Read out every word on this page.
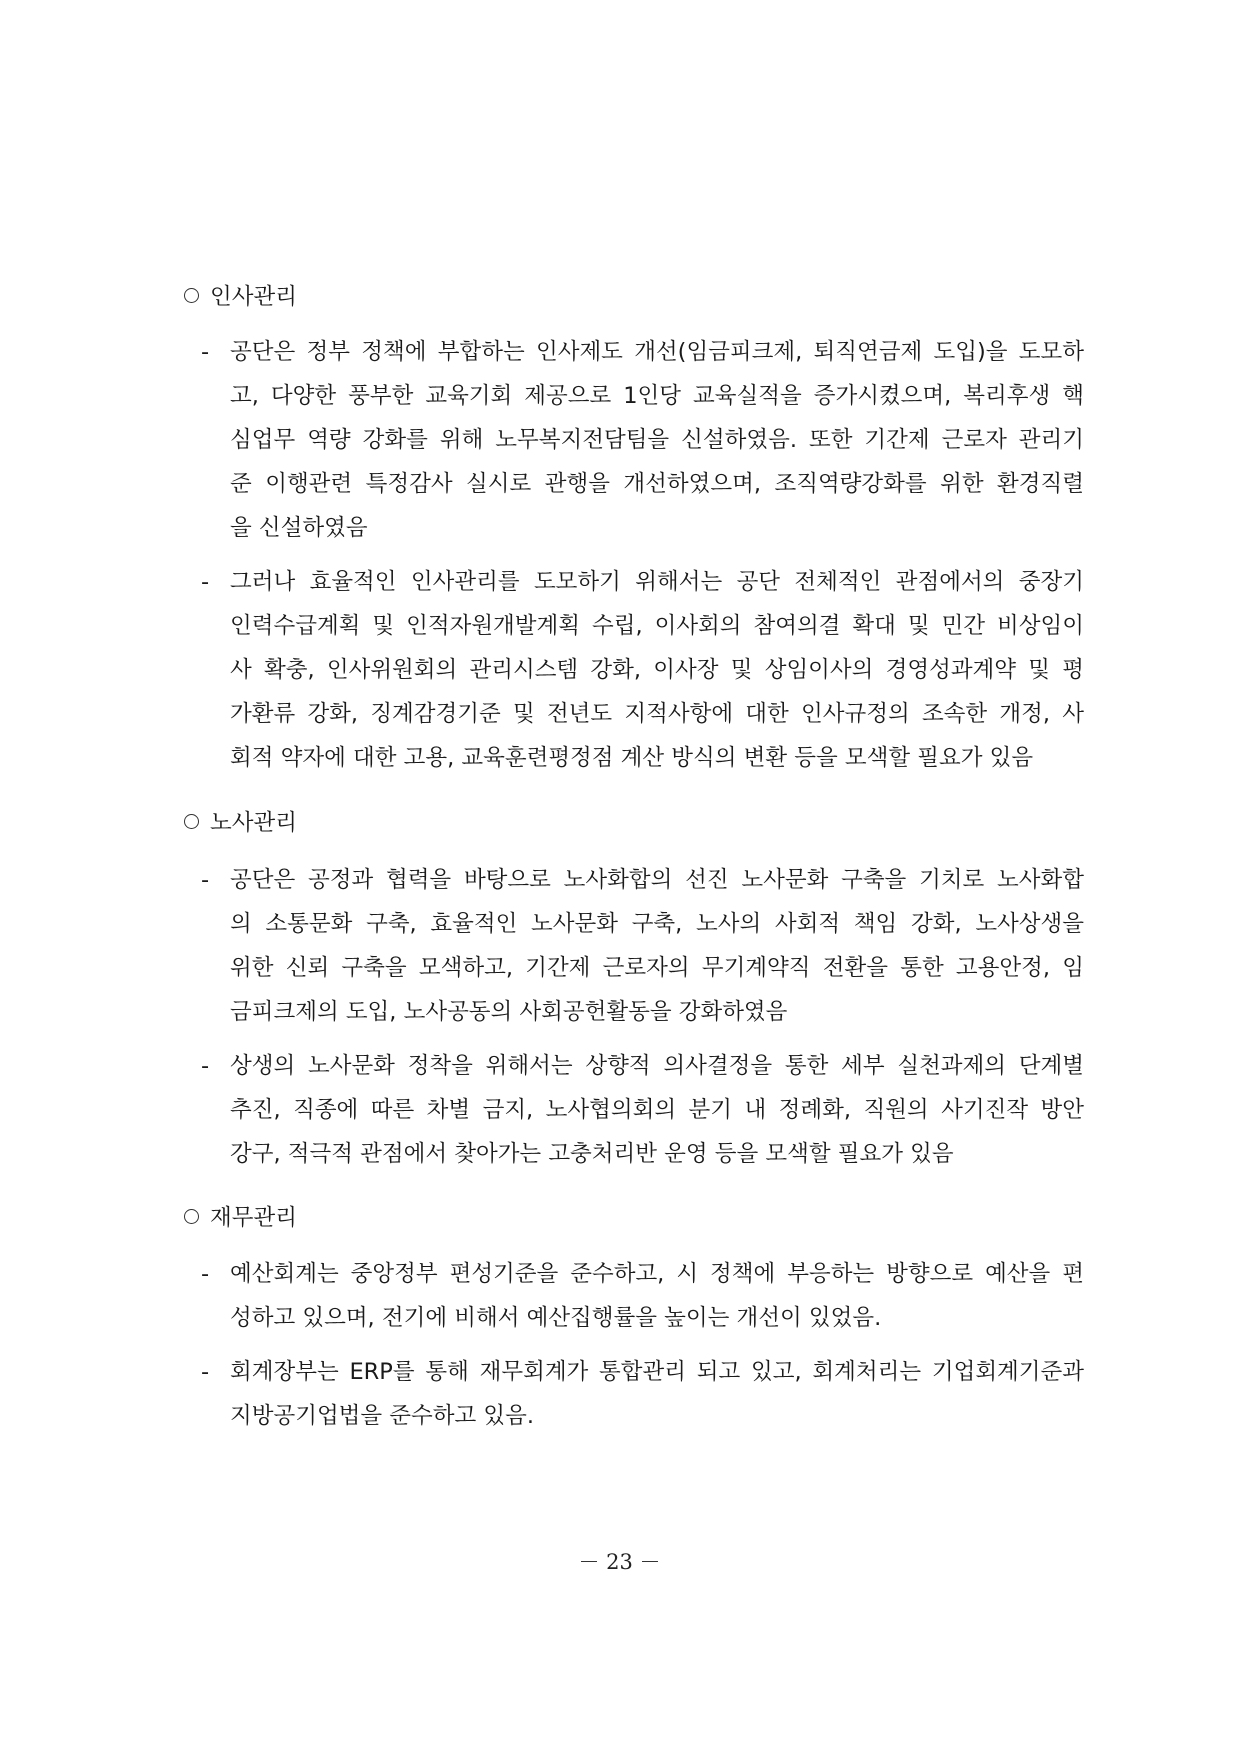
인사관리
- 공단은 정부 정책에 부합하는 인사제도 개선(임금피크제, 퇴직연금제 도입)을 도모하
고, 다양한 풍부한 교육기회 제공으로 1인당 교육실적을 증가시켰으며, 복리후생 핵
심업무 역량 강화를 위해 노무복지전담팀을 신설하였음. 또한 기간제 근로자 관리기
준 이행관련 특정감사 실시로 관행을 개선하였으며, 조직역량강화를 위한 환경직렬
을 신설하였음
- 그러나 효율적인 인사관리를 도모하기 위해서는 공단 전체적인 관점에서의 중장기
인력수급계획 및 인적자원개발계획 수립, 이사회의 참여의결 확대 및 민간 비상임이
사 확충, 인사위원회의 관리시스템 강화, 이사장 및 상임이사의 경영성과계약 및 평
가환류 강화, 징계감경기준 및 전년도 지적사항에 대한 인사규정의 조속한 개정, 사
회적 약자에 대한 고용, 교육훈련평정점 계산 방식의 변환 등을 모색할 필요가 있음
노사관리
- 공단은 공정과 협력을 바탕으로 노사화합의 선진 노사문화 구축을 기치로 노사화합
의 소통문화 구축, 효율적인 노사문화 구축, 노사의 사회적 책임 강화, 노사상생을
위한 신뢰 구축을 모색하고, 기간제 근로자의 무기계약직 전환을 통한 고용안정, 임
금피크제의 도입, 노사공동의 사회공헌활동을 강화하였음
- 상생의 노사문화 정착을 위해서는 상향적 의사결정을 통한 세부 실천과제의 단계별
추진, 직종에 따른 차별 금지, 노사협의회의 분기 내 정례화, 직원의 사기진작 방안
강구, 적극적 관점에서 찾아가는 고충처리반 운영 등을 모색할 필요가 있음
재무관리
- 예산회계는 중앙정부 편성기준을 준수하고, 시 정책에 부응하는 방향으로 예산을 편
성하고 있으며, 전기에 비해서 예산집행률을 높이는 개선이 있었음.
- 회계장부는 ERP를 통해 재무회계가 통합관리 되고 있고, 회계처리는 기업회계기준과
지방공기업법을 준수하고 있음.
－ 23 －
